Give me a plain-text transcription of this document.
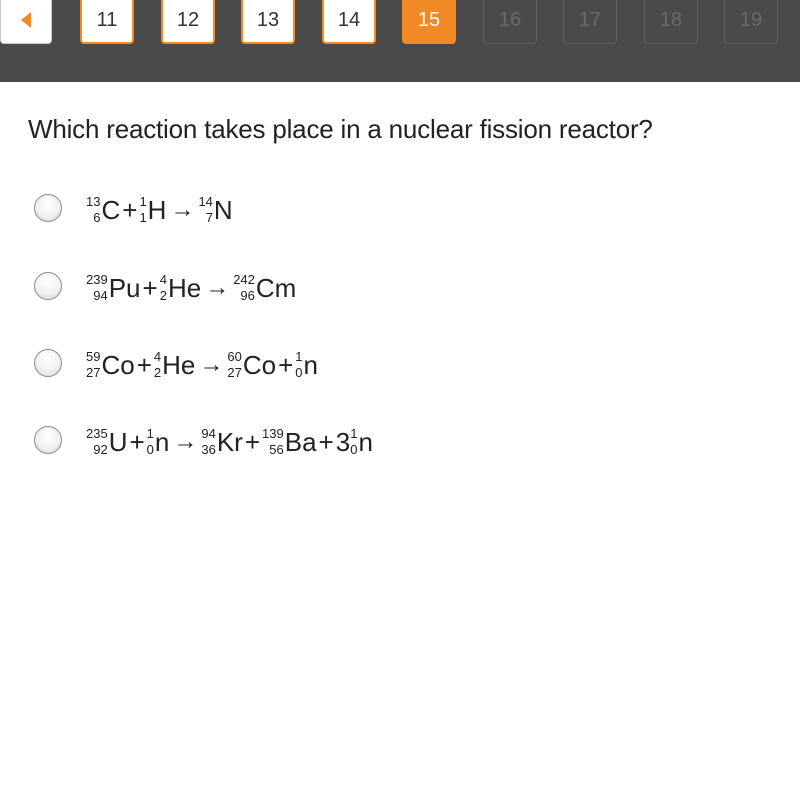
11	12	13	14	15	16	17	18	19
Which reaction takes place in a nuclear fission reactor?
13
6 C + 1
1 H → 14
7 N
239
94 Pu + 4
2 He → 242
96 Cm
59
27 Co + 4
2 He → 60
27 Co + 1
0 n
235
92 U + 1
0 n → 94
36 Kr + 139
56 Ba + 3 1
0 n
